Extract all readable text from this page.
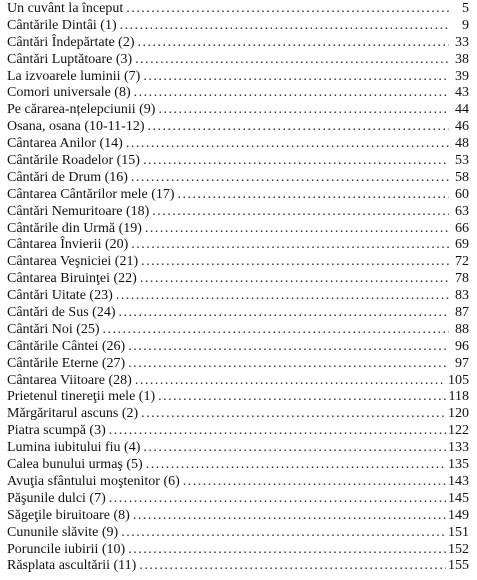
Un cuvânt la început .....	5
Cântările Dintâi (1) .....	9
Cântări Îndepărtate (2) .....	33
Cântări Luptătoare (3) .....	38
La izvoarele luminii (7) .....	39
Comori universale (8) .....	43
Pe cărarea-nțelepciunii (9) .....	44
Osana, osana (10-11-12) .....	46
Cântarea Anilor (14) .....	48
Cântările Roadelor (15) .....	53
Cântări de Drum (16) .....	58
Cântarea Cântărilor mele (17) .....	60
Cântări Nemuritoare (18) .....	63
Cântările din Urmă (19) .....	66
Cântarea Învierii (20) .....	69
Cântarea Veşniciei (21) .....	72
Cântarea Biruinţei (22) .....	78
Cântări Uitate (23) .....	83
Cântări de Sus (24) .....	87
Cântări Noi (25) .....	88
Cântările Cântei (26) .....	96
Cântările Eterne (27) .....	97
Cântarea Viitoare (28) .....	105
Prietenul tinereţii mele (1) .....	118
Mărgăritarul ascuns (2) .....	120
Piatra scumpă (3) .....	122
Lumina iubitului fiu (4) .....	133
Calea bunului urmaş (5) .....	135
Avuţia sfântului moştenitor (6) .....	143
Păşunile dulci (7) .....	145
Săgeţile biruitoare (8) .....	149
Cununile slăvite (9) .....	151
Poruncile iubirii (10) .....	152
Răsplata ascultării (11) .....	155
